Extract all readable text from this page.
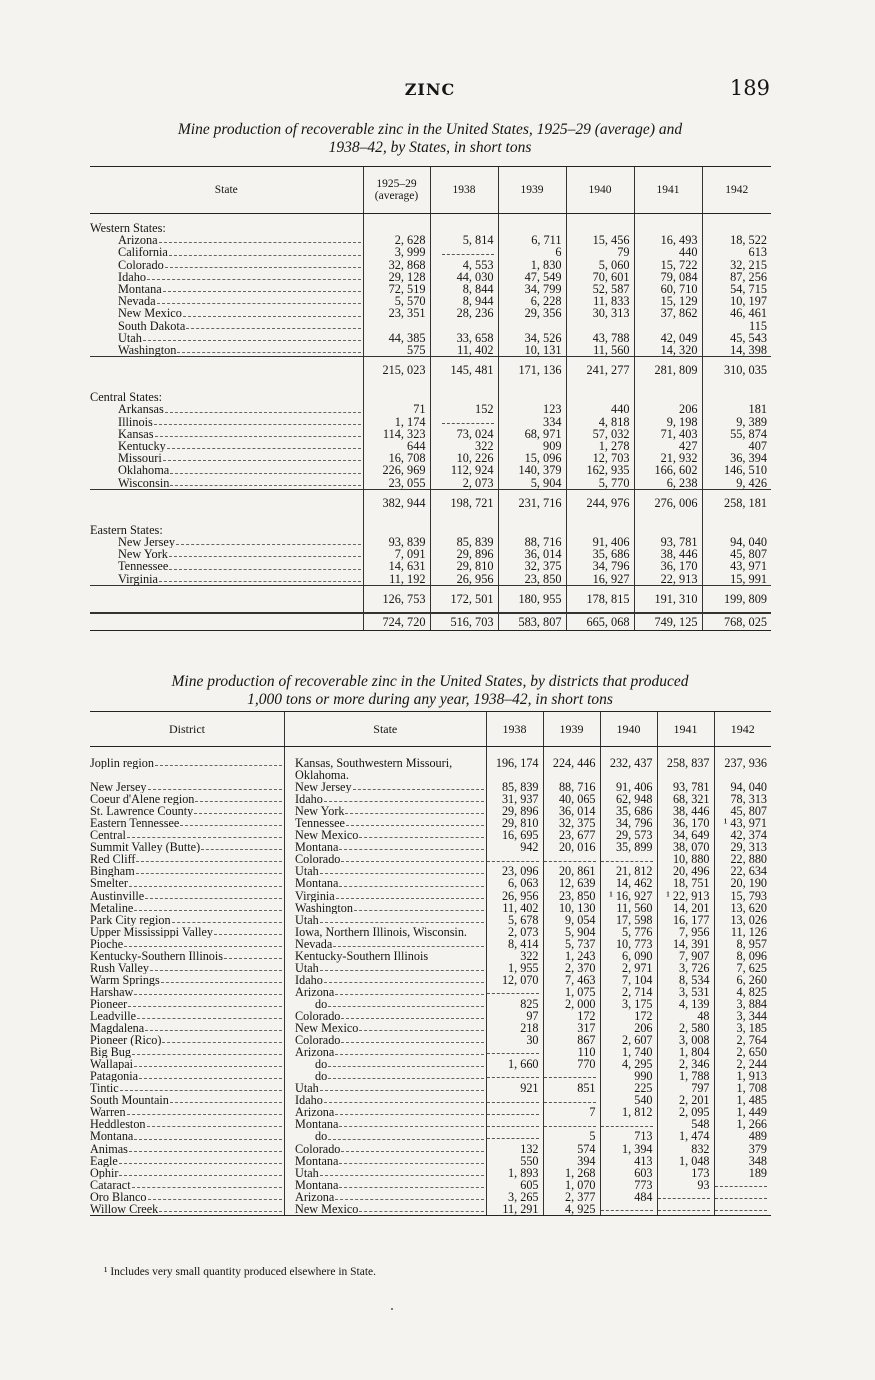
ZINC	189
Mine production of recoverable zinc in the United States, 1925–29 (average) and
1938–42, by States, in short tons
State	1925–29
(average)	1938	1939	1940	1941	1942

Western States:						

Arizona	2, 628	5, 814	6, 711	15, 456	16, 493	18, 522

California	3, 999		6	79	440	613

Colorado	32, 868	4, 553	1, 830	5, 060	15, 722	32, 215

Idaho	29, 128	44, 030	47, 549	70, 601	79, 084	87, 256

Montana	72, 519	8, 844	34, 799	52, 587	60, 710	54, 715

Nevada	5, 570	8, 944	6, 228	11, 833	15, 129	10, 197

New Mexico	23, 351	28, 236	29, 356	30, 313	37, 862	46, 461

South Dakota						115

Utah	44, 385	33, 658	34, 526	43, 788	42, 049	45, 543

Washington	575	11, 402	10, 131	11, 560	14, 320	14, 398
	215, 023	145, 481	171, 136	241, 277	281, 809	310, 035

Central States:						

Arkansas	71	152	123	440	206	181

Illinois	1, 174		334	4, 818	9, 198	9, 389

Kansas	114, 323	73, 024	68, 971	57, 032	71, 403	55, 874

Kentucky	644	322	909	1, 278	427	407

Missouri	16, 708	10, 226	15, 096	12, 703	21, 932	36, 394

Oklahoma	226, 969	112, 924	140, 379	162, 935	166, 602	146, 510

Wisconsin	23, 055	2, 073	5, 904	5, 770	6, 238	9, 426
	382, 944	198, 721	231, 716	244, 976	276, 006	258, 181

Eastern States:						

New Jersey	93, 839	85, 839	88, 716	91, 406	93, 781	94, 040

New York	7, 091	29, 896	36, 014	35, 686	38, 446	45, 807

Tennessee	14, 631	29, 810	32, 375	34, 796	36, 170	43, 971

Virginia	11, 192	26, 956	23, 850	16, 927	22, 913	15, 991
	126, 753	172, 501	180, 955	178, 815	191, 310	199, 809

	724, 720	516, 703	583, 807	665, 068	749, 125	768, 025
Mine production of recoverable zinc in the United States, by districts that produced
1,000 tons or more during any year, 1938–42, in short tons
District	State	1938	1939	1940	1941	1942

Joplin region	Kansas, Southwestern Missouri, Oklahoma.	196, 174	224, 446	232, 437	258, 837	237, 936

New Jersey	New Jersey	85, 839	88, 716	91, 406	93, 781	94, 040

Coeur d'Alene region	Idaho	31, 937	40, 065	62, 948	68, 321	78, 313

St. Lawrence County	New York	29, 896	36, 014	35, 686	38, 446	45, 807

Eastern Tennessee	Tennessee	29, 810	32, 375	34, 796	36, 170	¹ 43, 971

Central	New Mexico	16, 695	23, 677	29, 573	34, 649	42, 374

Summit Valley (Butte)	Montana	942	20, 016	35, 899	38, 070	29, 313

Red Cliff	Colorado				10, 880	22, 880

Bingham	Utah	23, 096	20, 861	21, 812	20, 496	22, 634

Smelter	Montana	6, 063	12, 639	14, 462	18, 751	20, 190

Austinville	Virginia	26, 956	23, 850	¹ 16, 927	¹ 22, 913	15, 793

Metaline	Washington	11, 402	10, 130	11, 560	14, 201	13, 620

Park City region	Utah	5, 678	9, 054	17, 598	16, 177	13, 026

Upper Mississippi Valley	Iowa, Northern Illinois, Wisconsin.	2, 073	5, 904	5, 776	7, 956	11, 126

Pioche	Nevada	8, 414	5, 737	10, 773	14, 391	8, 957

Kentucky-Southern Illinois	Kentucky-Southern Illinois	322	1, 243	6, 090	7, 907	8, 096

Rush Valley	Utah	1, 955	2, 370	2, 971	3, 726	7, 625

Warm Springs	Idaho	12, 070	7, 463	7, 104	8, 534	6, 260

Harshaw	Arizona		1, 075	2, 714	3, 531	4, 825

Pioneer	do	825	2, 000	3, 175	4, 139	3, 884

Leadville	Colorado	97	172	172	48	3, 344

Magdalena	New Mexico	218	317	206	2, 580	3, 185

Pioneer (Rico)	Colorado	30	867	2, 607	3, 008	2, 764

Big Bug	Arizona		110	1, 740	1, 804	2, 650

Wallapai	do	1, 660	770	4, 295	2, 346	2, 244

Patagonia	do			990	1, 788	1, 913

Tintic	Utah	921	851	225	797	1, 708

South Mountain	Idaho			540	2, 201	1, 485

Warren	Arizona		7	1, 812	2, 095	1, 449

Heddleston	Montana				548	1, 266

Montana	do		5	713	1, 474	489

Animas	Colorado	132	574	1, 394	832	379

Eagle	Montana	550	394	413	1, 048	348

Ophir	Utah	1, 893	1, 268	603	173	189

Cataract	Montana	605	1, 070	773	93	

Oro Blanco	Arizona	3, 265	2, 377	484		

Willow Creek	New Mexico	11, 291	4, 925			
¹ Includes very small quantity produced elsewhere in State.
